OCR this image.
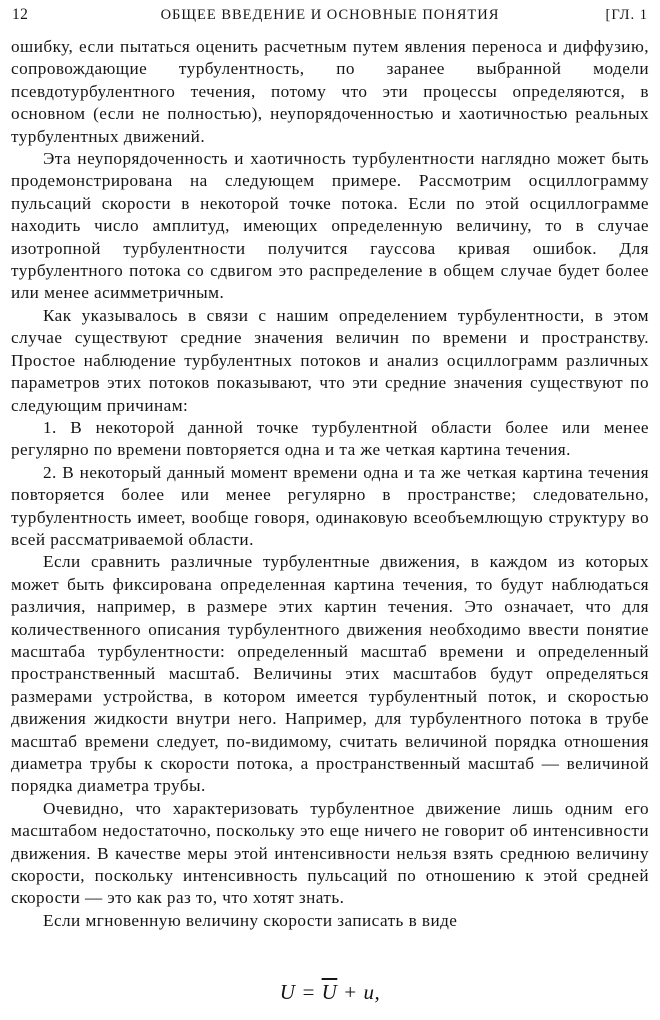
12	ОБЩЕЕ ВВЕДЕНИЕ И ОСНОВНЫЕ ПОНЯТИЯ	[ГЛ. 1

ошибку, если пытаться оценить расчетным путем явления переноса и диффузию, сопровождающие турбулентность, по заранее выбранной модели псевдотурбулентного течения, потому что эти процессы определяются, в основном (если не полностью), неупорядоченностью и хаотичностью реальных турбулентных движений.

Эта неупорядоченность и хаотичность турбулентности наглядно может быть продемонстрирована на следующем примере. Рассмотрим осциллограмму пульсаций скорости в некоторой точке потока. Если по этой осциллограмме находить число амплитуд, имеющих определенную величину, то в случае изотропной турбулентности получится гауссова кривая ошибок. Для турбулентного потока со сдвигом это распределение в общем случае будет более или менее асимметричным.

Как указывалось в связи с нашим определением турбулентности, в этом случае существуют средние значения величин по времени и пространству. Простое наблюдение турбулентных потоков и анализ осциллограмм различных параметров этих потоков показывают, что эти средние значения существуют по следующим причинам:

1. В некоторой данной точке турбулентной области более или менее регулярно по времени повторяется одна и та же четкая картина течения.

2. В некоторый данный момент времени одна и та же четкая картина течения повторяется более или менее регулярно в пространстве; следовательно, турбулентность имеет, вообще говоря, одинаковую всеобъемлющую структуру во всей рассматриваемой области.

Если сравнить различные турбулентные движения, в каждом из которых может быть фиксирована определенная картина течения, то будут наблюдаться различия, например, в размере этих картин течения. Это означает, что для количественного описания турбулентного движения необходимо ввести понятие масштаба турбулентности: определенный масштаб времени и определенный пространственный масштаб. Величины этих масштабов будут определяться размерами устройства, в котором имеется турбулентный поток, и скоростью движения жидкости внутри него. Например, для турбулентного потока в трубе масштаб времени следует, по-видимому, считать величиной порядка отношения диаметра трубы к скорости потока, а пространственный масштаб — величиной порядка диаметра трубы.

Очевидно, что характеризовать турбулентное движение лишь одним его масштабом недостаточно, поскольку это еще ничего не говорит об интенсивности движения. В качестве меры этой интенсивности нельзя взять среднюю величину скорости, поскольку интенсивность пульсаций по отношению к этой средней скорости — это как раз то, что хотят знать.

Если мгновенную величину скорости записать в виде

$U = \overline{U} + u$,
